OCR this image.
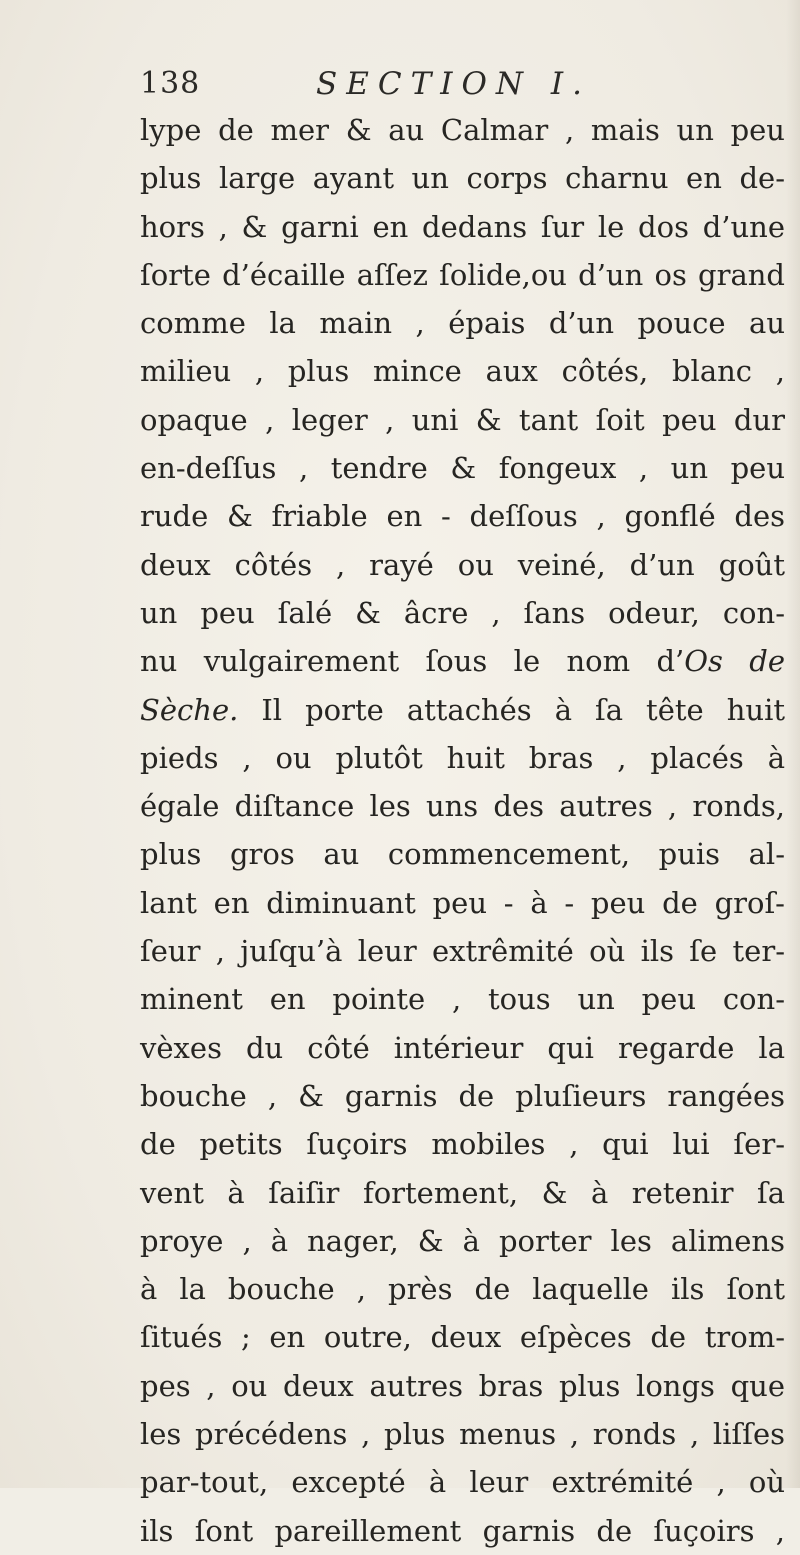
138	SECTION I.
lype de mer & au Calmar , mais un peu
plus large ayant un corps charnu en de-
hors , & garni en dedans ſur le dos d’une
ſorte d’écaille aſſez ſolide,ou d’un os grand
comme la main , épais d’un pouce au
milieu , plus mince aux côtés, blanc ,
opaque , leger , uni & tant ſoit peu dur
en-deſſus , tendre & fongeux , un peu
rude & friable en - deſſous , gonflé des
deux côtés , rayé ou veiné, d’un goût
un peu ſalé & âcre , ſans odeur, con-
nu vulgairement ſous le nom d’Os de
Sèche. Il porte attachés à ſa tête huit
pieds , ou plutôt huit bras , placés à
égale diſtance les uns des autres , ronds,
plus gros au commencement, puis al-
lant en diminuant peu - à - peu de groſ-
ſeur , juſqu’à leur extrêmité où ils ſe ter-
minent en pointe , tous un peu con-
vèxes du côté intérieur qui regarde la
bouche , & garnis de pluſieurs rangées
de petits ſuçoirs mobiles , qui lui ſer-
vent à ſaiſir fortement, & à retenir ſa
proye , à nager, & à porter les alimens
à la bouche , près de laquelle ils ſont
ſitués ; en outre, deux eſpèces de trom-
pes , ou deux autres bras plus longs que
les précédens , plus menus , ronds , liſſes
par-tout, excepté à leur extrémité , où
ils ſont pareillement garnis de ſuçoirs ,
